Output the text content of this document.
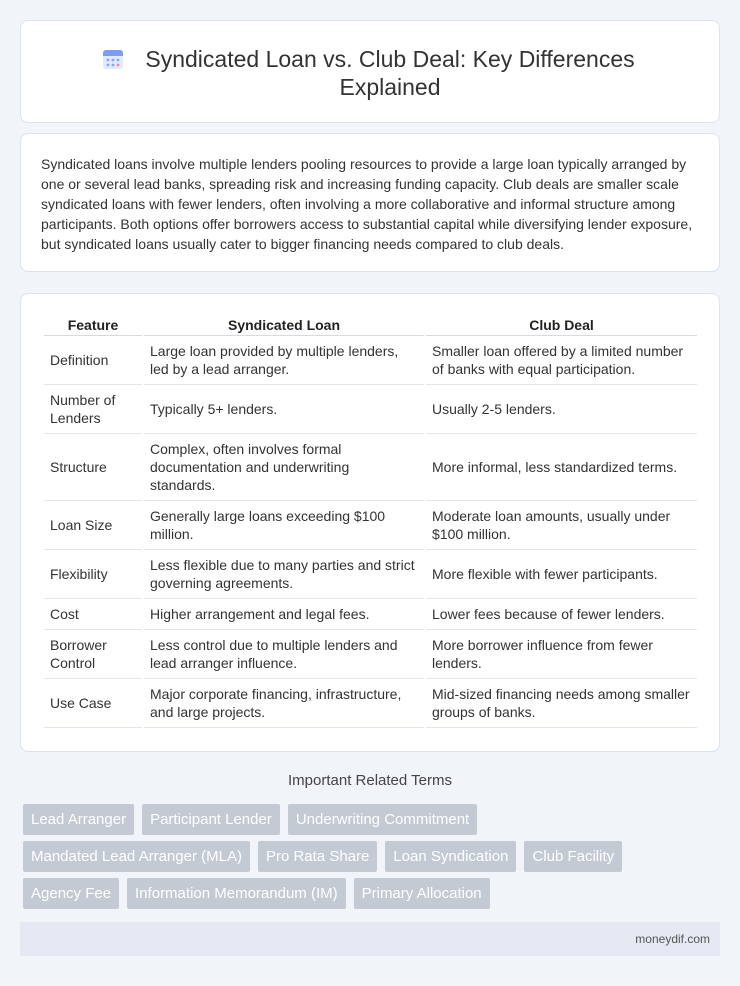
Syndicated Loan vs. Club Deal: Key Differences Explained

Syndicated loans involve multiple lenders pooling resources to provide a large loan typically arranged by one or several lead banks, spreading risk and increasing funding capacity. Club deals are smaller scale syndicated loans with fewer lenders, often involving a more collaborative and informal structure among participants. Both options offer borrowers access to substantial capital while diversifying lender exposure, but syndicated loans usually cater to bigger financing needs compared to club deals.

Feature	Syndicated Loan	Club Deal
Definition	Large loan provided by multiple lenders, led by a lead arranger.	Smaller loan offered by a limited number of banks with equal participation.
Number of Lenders	Typically 5+ lenders.	Usually 2-5 lenders.
Structure	Complex, often involves formal documentation and underwriting standards.	More informal, less standardized terms.
Loan Size	Generally large loans exceeding $100 million.	Moderate loan amounts, usually under $100 million.
Flexibility	Less flexible due to many parties and strict governing agreements.	More flexible with fewer participants.
Cost	Higher arrangement and legal fees.	Lower fees because of fewer lenders.
Borrower Control	Less control due to multiple lenders and lead arranger influence.	More borrower influence from fewer lenders.
Use Case	Major corporate financing, infrastructure, and large projects.	Mid-sized financing needs among smaller groups of banks.
Important Related Terms
Lead Arranger	Participant Lender	Underwriting Commitment
Mandated Lead Arranger (MLA)	Pro Rata Share	Loan Syndication	Club Facility
Agency Fee	Information Memorandum (IM)	Primary Allocation
moneydif.com
